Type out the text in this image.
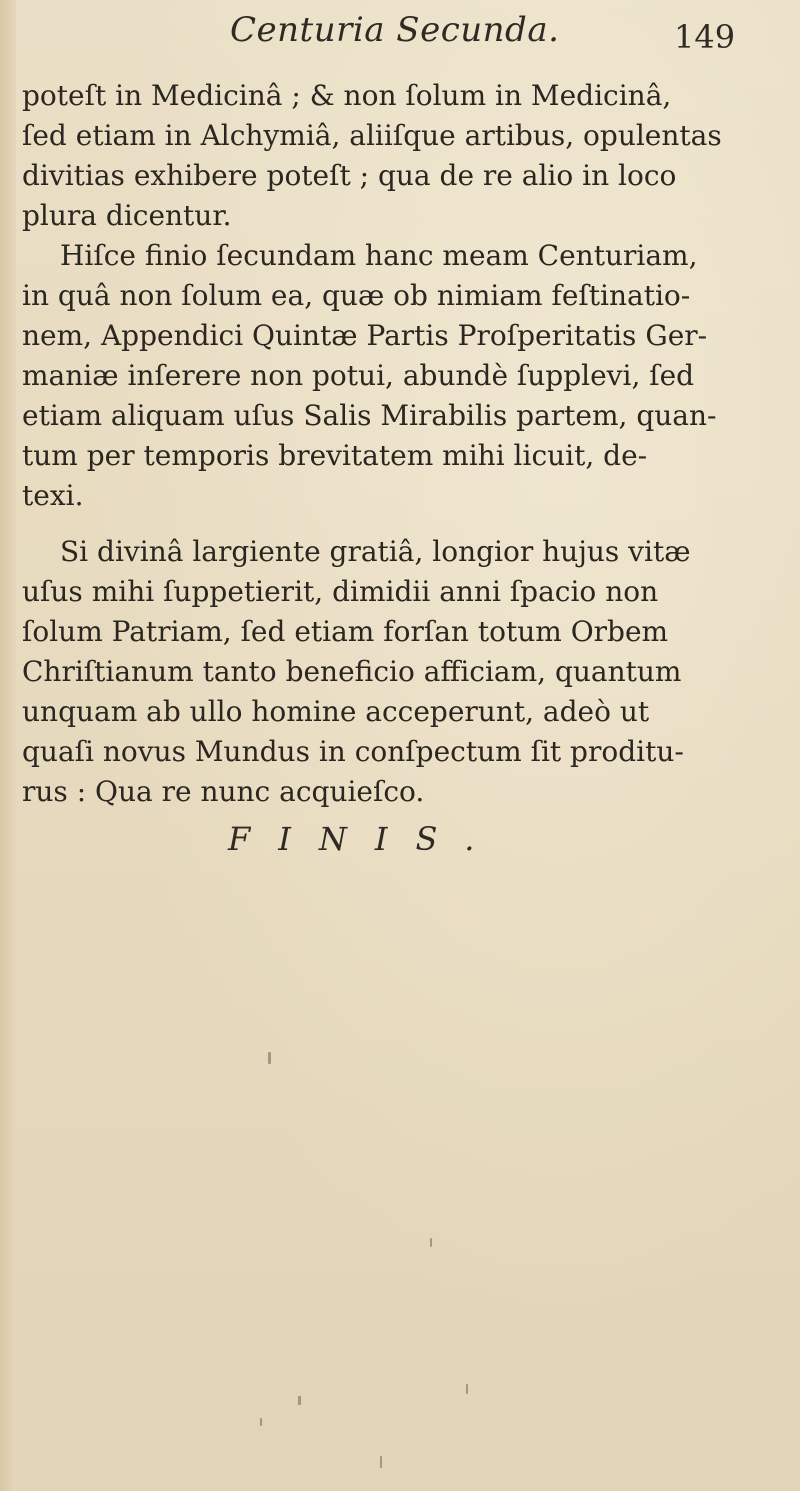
Centuria Secunda.	149
poteſt in Medicinâ ; & non ſolum in Medicinâ,
ſed etiam in Alchymiâ, aliiſque artibus, opulentas
divitias exhibere poteſt ; qua de re alio in loco
plura dicentur.
Hiſce finio ſecundam hanc meam Centuriam,
in quâ non ſolum ea, quæ ob nimiam feſtinatio-
nem, Appendici Quintæ Partis Proſperitatis Ger-
maniæ inſerere non potui, abundè ſupplevi, ſed
etiam aliquam uſus Salis Mirabilis partem, quan-
tum per temporis brevitatem mihi licuit, de-
texi.
Si divinâ largiente gratiâ, longior hujus vitæ
uſus mihi ſuppetierit, dimidii anni ſpacio non
ſolum Patriam, ſed etiam forſan totum Orbem
Chriſtianum tanto beneficio afficiam, quantum
unquam ab ullo homine acceperunt, adeò ut
quaſi novus Mundus in conſpectum ſit proditu-
rus : Qua re nunc acquieſco.
FINIS.
